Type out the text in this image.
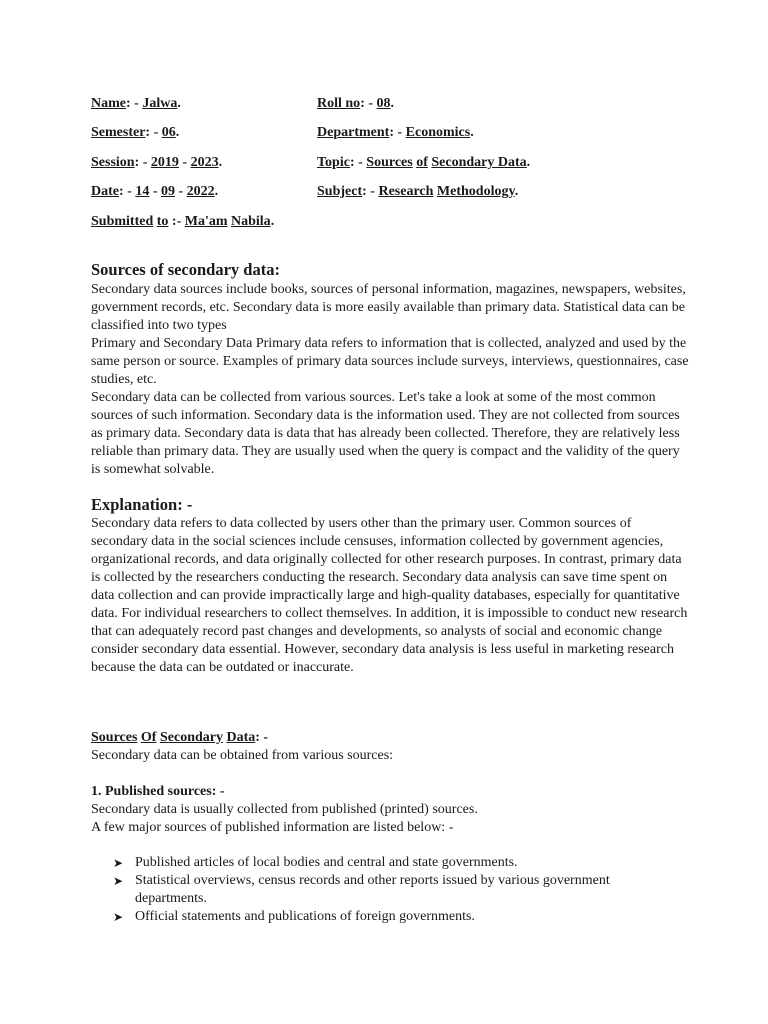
Name: - Jalwa.	Roll no: - 08.
Semester: - 06.	Department: - Economics.
Session: - 2019 - 2023.	Topic: - Sources of Secondary Data.
Date: - 14 - 09 - 2022.	Subject: - Research Methodology.
Submitted to :- Ma'am Nabila.
Sources of secondary data:

Secondary data sources include books, sources of personal information, magazines, newspapers, websites, government records, etc. Secondary data is more easily available than primary data. Statistical data can be classified into two types

Primary and Secondary Data Primary data refers to information that is collected, analyzed and used by the same person or source. Examples of primary data sources include surveys, interviews, questionnaires, case studies, etc.

Secondary data can be collected from various sources. Let's take a look at some of the most common sources of such information. Secondary data is the information used. They are not collected from sources as primary data. Secondary data is data that has already been collected. Therefore, they are relatively less reliable than primary data. They are usually used when the query is compact and the validity of the query is somewhat solvable.

Explanation: -

Secondary data refers to data collected by users other than the primary user. Common sources of secondary data in the social sciences include censuses, information collected by government agencies, organizational records, and data originally collected for other research purposes. In contrast, primary data is collected by the researchers conducting the research. Secondary data analysis can save time spent on data collection and can provide impractically large and high-quality databases, especially for quantitative data. For individual researchers to collect themselves. In addition, it is impossible to conduct new research that can adequately record past changes and developments, so analysts of social and economic change consider secondary data essential. However, secondary data analysis is less useful in marketing research because the data can be outdated or inaccurate.

Sources Of Secondary Data: -

Secondary data can be obtained from various sources:

1. Published sources: -

Secondary data is usually collected from published (printed) sources.

A few major sources of published information are listed below: -

➤ Published articles of local bodies and central and state governments.
➤ Statistical overviews, census records and other reports issued by various government departments.
➤ Official statements and publications of foreign governments.
